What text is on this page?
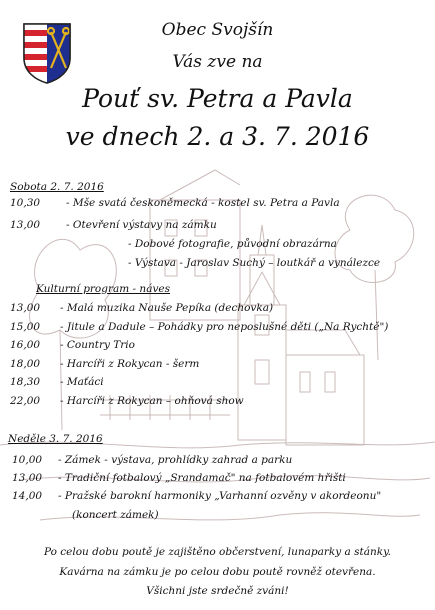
Obec Svojšín
Vás zve na
Pouť sv. Petra a Pavla
ve dnech 2. a 3. 7. 2016
Sobota 2. 7. 2016
10,30 - Mše svatá českoněmecká - kostel sv. Petra a Pavla
13,00 - Otevření výstavy na zámku
- Dobové fotografie, původní obrazárna
- Výstava - Jaroslav Suchý – loutkář a vynálezce
Kulturní program - náves
13,00 - Malá muzika Nauše Pepíka (dechovka)
15,00 - Jitule a Dadule – Pohádky pro neposlušné děti („Na Rychtě")
16,00 - Country Trio
18,00 - Harcíři z Rokycan - šerm
18,30 - Maťáci
22,00 - Harcíři z Rokycan – ohňová show
Neděle 3. 7. 2016
10,00 - Zámek - výstava, prohlídky zahrad a parku
13,00 - Tradiční fotbalový „Srandamač" na fotbalovém hřišti
14,00 - Pražské barokní harmoniky „Varhanní ozvěny v akordeonu"
(koncert zámek)
Po celou dobu poutě je zajištěno občerstvení, lunaparky a stánky.
Kavárna na zámku je po celou dobu poutě rovněž otevřena.
Všichni jste srdečně zváni!
